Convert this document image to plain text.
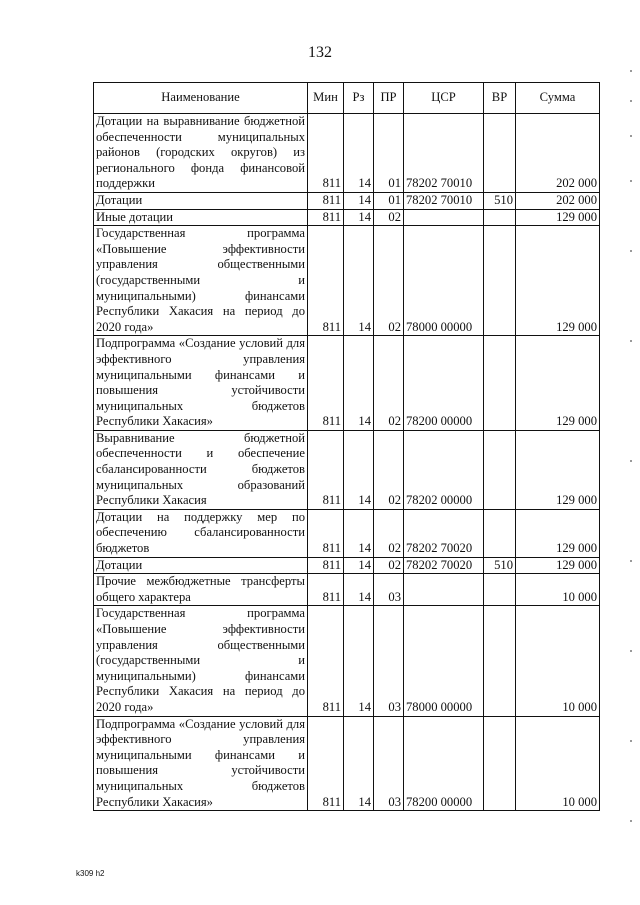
132
Наименование	Мин	Рз	ПР	ЦСР	ВР	Сумма
Дотации на выравнивание бюджетной обеспеченности муниципальных районов (городских округов) из регионального фонда финансовой поддержки	811	14	01	78202 70010		202 000
Дотации	811	14	01	78202 70010	510	202 000
Иные дотации	811	14	02			129 000
Государственная программа «Повышение эффективности управления общественными (государственными и муниципальными) финансами Республики Хакасия на период до 2020 года»	811	14	02	78000 00000		129 000
Подпрограмма «Создание условий для эффективного управления муниципальными финансами и повышения устойчивости муниципальных бюджетов Республики Хакасия»	811	14	02	78200 00000		129 000
Выравнивание бюджетной обеспеченности и обеспечение сбалансированности бюджетов муниципальных образований Республики Хакасия	811	14	02	78202 00000		129 000
Дотации на поддержку мер по обеспечению сбалансированности бюджетов	811	14	02	78202 70020		129 000
Дотации	811	14	02	78202 70020	510	129 000
Прочие межбюджетные трансферты общего характера	811	14	03			10 000
Государственная программа «Повышение эффективности управления общественными (государственными и муниципальными) финансами Республики Хакасия на период до 2020 года»	811	14	03	78000 00000		10 000
Подпрограмма «Создание условий для эффективного управления муниципальными финансами и повышения устойчивости муниципальных бюджетов Республики Хакасия»	811	14	03	78200 00000		10 000
k309 h2
